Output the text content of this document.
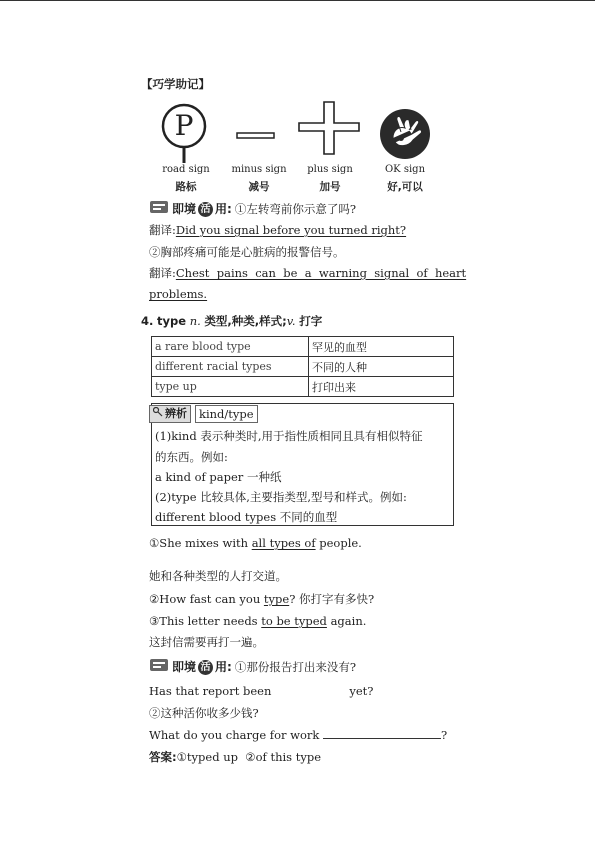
【巧学助记】
P
road sign	minus sign	plus sign	OK sign
路标	减号	加号	好,可以
即境 活 用: ①左转弯前你示意了吗?
翻译:Did you signal before you turned right?
②胸部疼痛可能是心脏病的报警信号。
翻译:Chest  pains  can  be  a  warning  signal  of  heart
problems.
4. type n. 类型,种类,样式;v. 打字
a rare blood type	罕见的血型
different racial types	不同的人种
type up	打印出来
辨析	kind/type
(1)kind 表示种类时,用于指性质相同且具有相似特征
的东西。例如:
a kind of paper 一种纸
(2)type 比较具体,主要指类型,型号和样式。例如:
different blood types 不同的血型
①She mixes with all types of people.
她和各种类型的人打交道。
②How fast can you type? 你打字有多快?
③This letter needs to be typed again.
这封信需要再打一遍。
即境 活 用: ①那份报告打出来没有?
Has that report been	yet?
②这种活你收多少钱?
What do you charge for work	?
答案:①typed up  ②of this type
